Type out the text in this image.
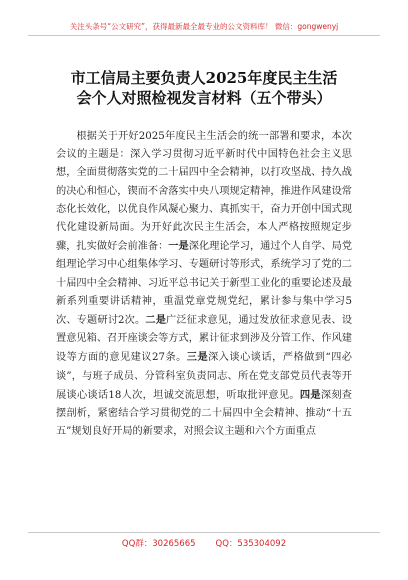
关注头条号“公文研究”，获得最新最全最专业的公文资料库！ 微信：gongwenyj
市工信局主要负责人2025年度民主生活
会个人对照检视发言材料（五个带头）
根据关于开好2025年度民主生活会的统一部署和要求，本次会议的主题是：深入学习贯彻习近平新时代中国特色社会主义思想，全面贯彻落实党的二十届四中全会精神，以打攻坚战、持久战的决心和恒心，锲而不舍落实中央八项规定精神，推进作风建设常态化长效化，以优良作风凝心聚力、真抓实干，奋力开创中国式现代化建设新局面。为开好此次民主生活会，本人严格按照规定步骤，扎实做好会前准备：一是深化理论学习，通过个人自学、局党组理论学习中心组集体学习、专题研讨等形式，系统学习了党的二十届四中全会精神、习近平总书记关于新型工业化的重要论述及最新系列重要讲话精神，重温党章党规党纪，累计参与集中学习5次、专题研讨2次。二是广泛征求意见，通过发放征求意见表、设置意见箱、召开座谈会等方式，累计征求到涉及分管工作、作风建设等方面的意见建议27条。三是深入谈心谈话，严格做到“四必谈”，与班子成员、分管科室负责同志、所在党支部党员代表等开展谈心谈话18人次，坦诚交流思想，听取批评意见。四是深刻查摆剖析，紧密结合学习贯彻党的二十届四中全会精神、推动“十五五”规划良好开局的新要求，对照会议主题和六个方面重点
QQ群：30265665 QQ：535304092
